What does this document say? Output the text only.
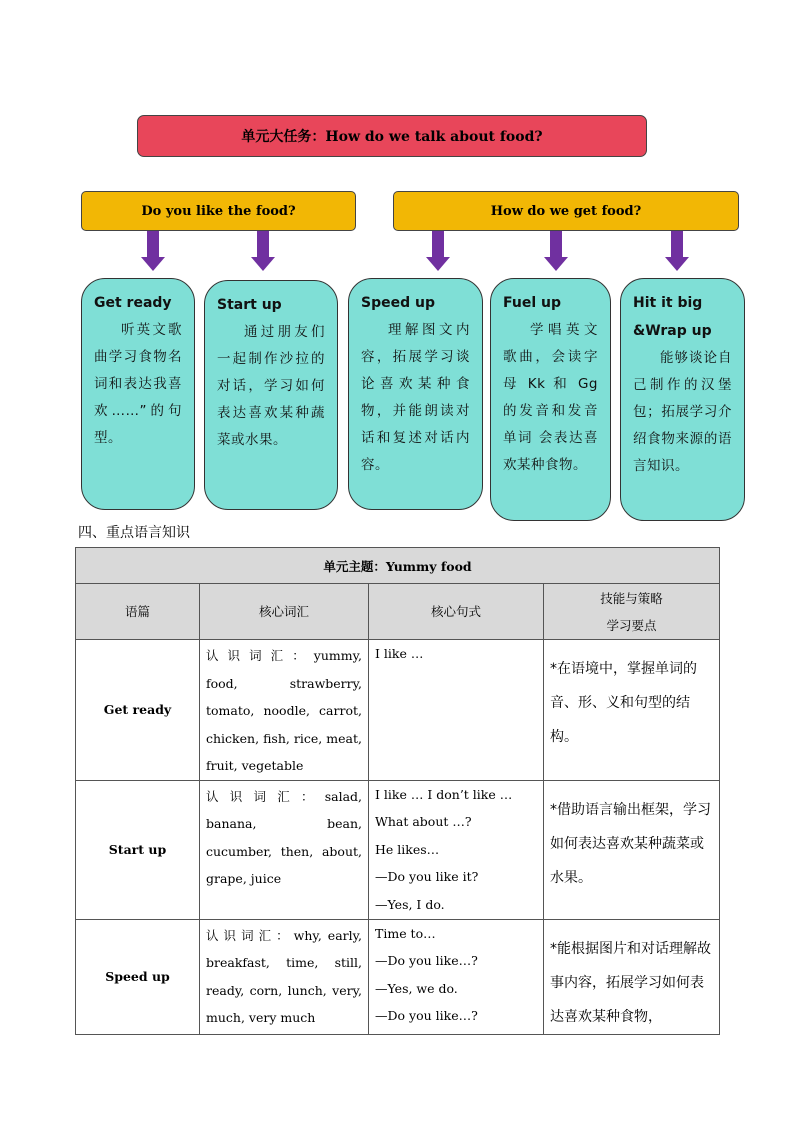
单元大任务：How do we talk about food?
Do you like the food?	How do we get food?
Get ready
听英文歌曲学习食物名词和表达我喜欢……”的句型。
Start up
通过朋友们一起制作沙拉的对话，学习如何表达喜欢某种蔬菜或水果。
Speed up
理解图文内容，拓展学习谈论喜欢某种食物，并能朗读对话和复述对话内容。
Fuel up
学唱英文歌曲，会读字母 Kk 和 Gg 的发音和发音单词 会表达喜欢某种食物。
Hit it big &Wrap up
能够谈论自己制作的汉堡包；拓展学习介绍食物来源的语言知识。
四、重点语言知识
单元主题：Yummy food			
语篇	核心词汇	核心句式	技能与策略
学习要点

Get ready	认识词汇：yummy, food, strawberry, tomato, noodle, carrot, chicken, fish, rice, meat, fruit, vegetable	I like …	*在语境中，掌握单词的音、形、义和句型的结构。
Start up	认识词汇：salad, banana, bean, cucumber, then, about, grape, juice	I like … I don’t like …
What about …?
He likes…
—Do you like it?
—Yes, I do.	*借助语言输出框架，学习如何表达喜欢某种蔬菜或水果。
Speed up	认识词汇：why, early, breakfast, time, still, ready, corn, lunch, very, much, very much	Time to…
—Do you like…?
—Yes, we do.
—Do you like…?	*能根据图片和对话理解故事内容，拓展学习如何表达喜欢某种食物，
